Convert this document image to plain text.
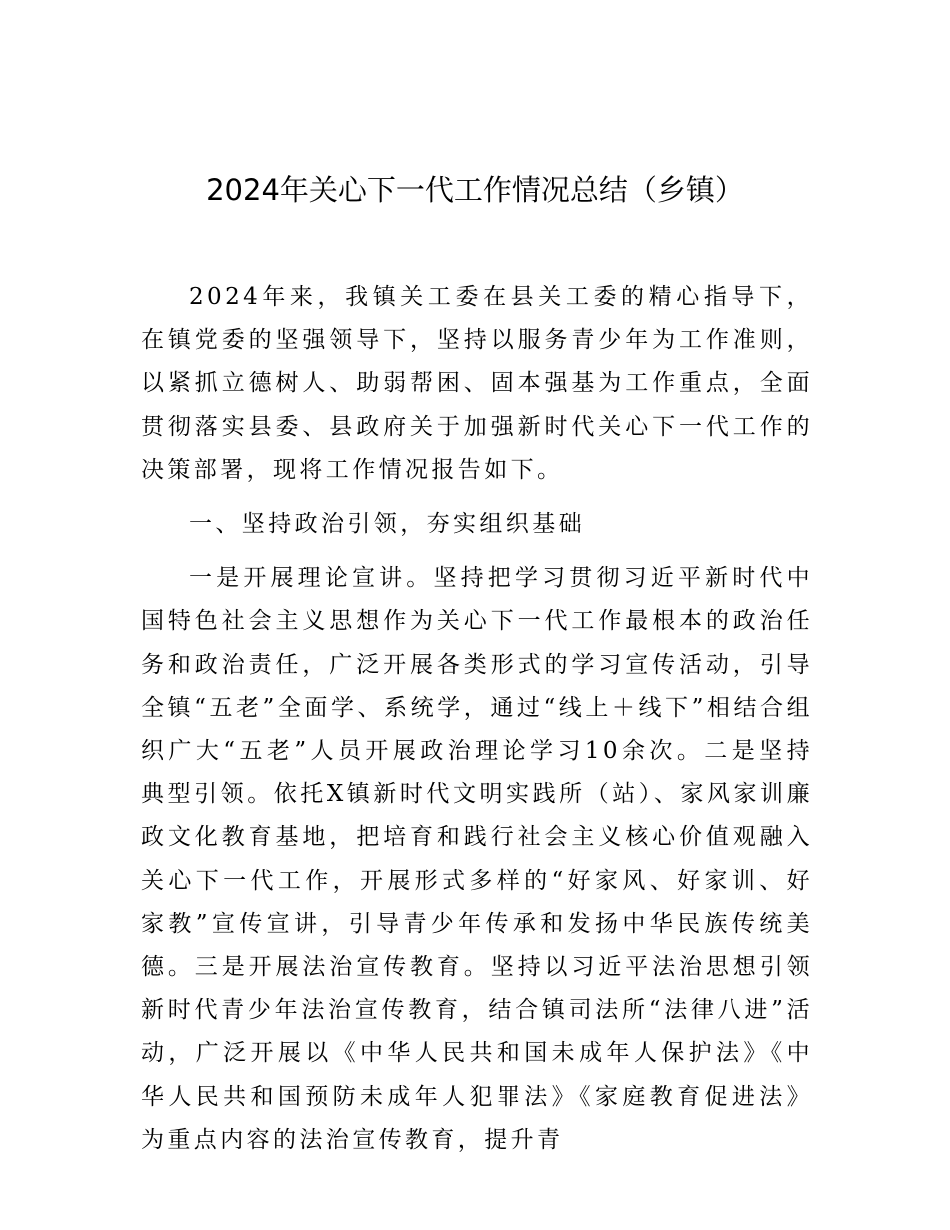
2024年关心下一代工作情况总结（乡镇）

2024年来，我镇关工委在县关工委的精心指导下，在镇党委的坚强领导下，坚持以服务青少年为工作准则，以紧抓立德树人、助弱帮困、固本强基为工作重点，全面贯彻落实县委、县政府关于加强新时代关心下一代工作的决策部署，现将工作情况报告如下。

一、坚持政治引领，夯实组织基础

一是开展理论宣讲。坚持把学习贯彻习近平新时代中国特色社会主义思想作为关心下一代工作最根本的政治任务和政治责任，广泛开展各类形式的学习宣传活动，引导全镇“五老”全面学、系统学，通过“线上＋线下”相结合组织广大“五老”人员开展政治理论学习10余次。二是坚持典型引领。依托X镇新时代文明实践所（站）、家风家训廉政文化教育基地，把培育和践行社会主义核心价值观融入关心下一代工作，开展形式多样的“好家风、好家训、好家教”宣传宣讲，引导青少年传承和发扬中华民族传统美德。三是开展法治宣传教育。坚持以习近平法治思想引领新时代青少年法治宣传教育，结合镇司法所“法律八进”活动，广泛开展以《中华人民共和国未成年人保护法》《中华人民共和国预防未成年人犯罪法》《家庭教育促进法》为重点内容的法治宣传教育，提升青
